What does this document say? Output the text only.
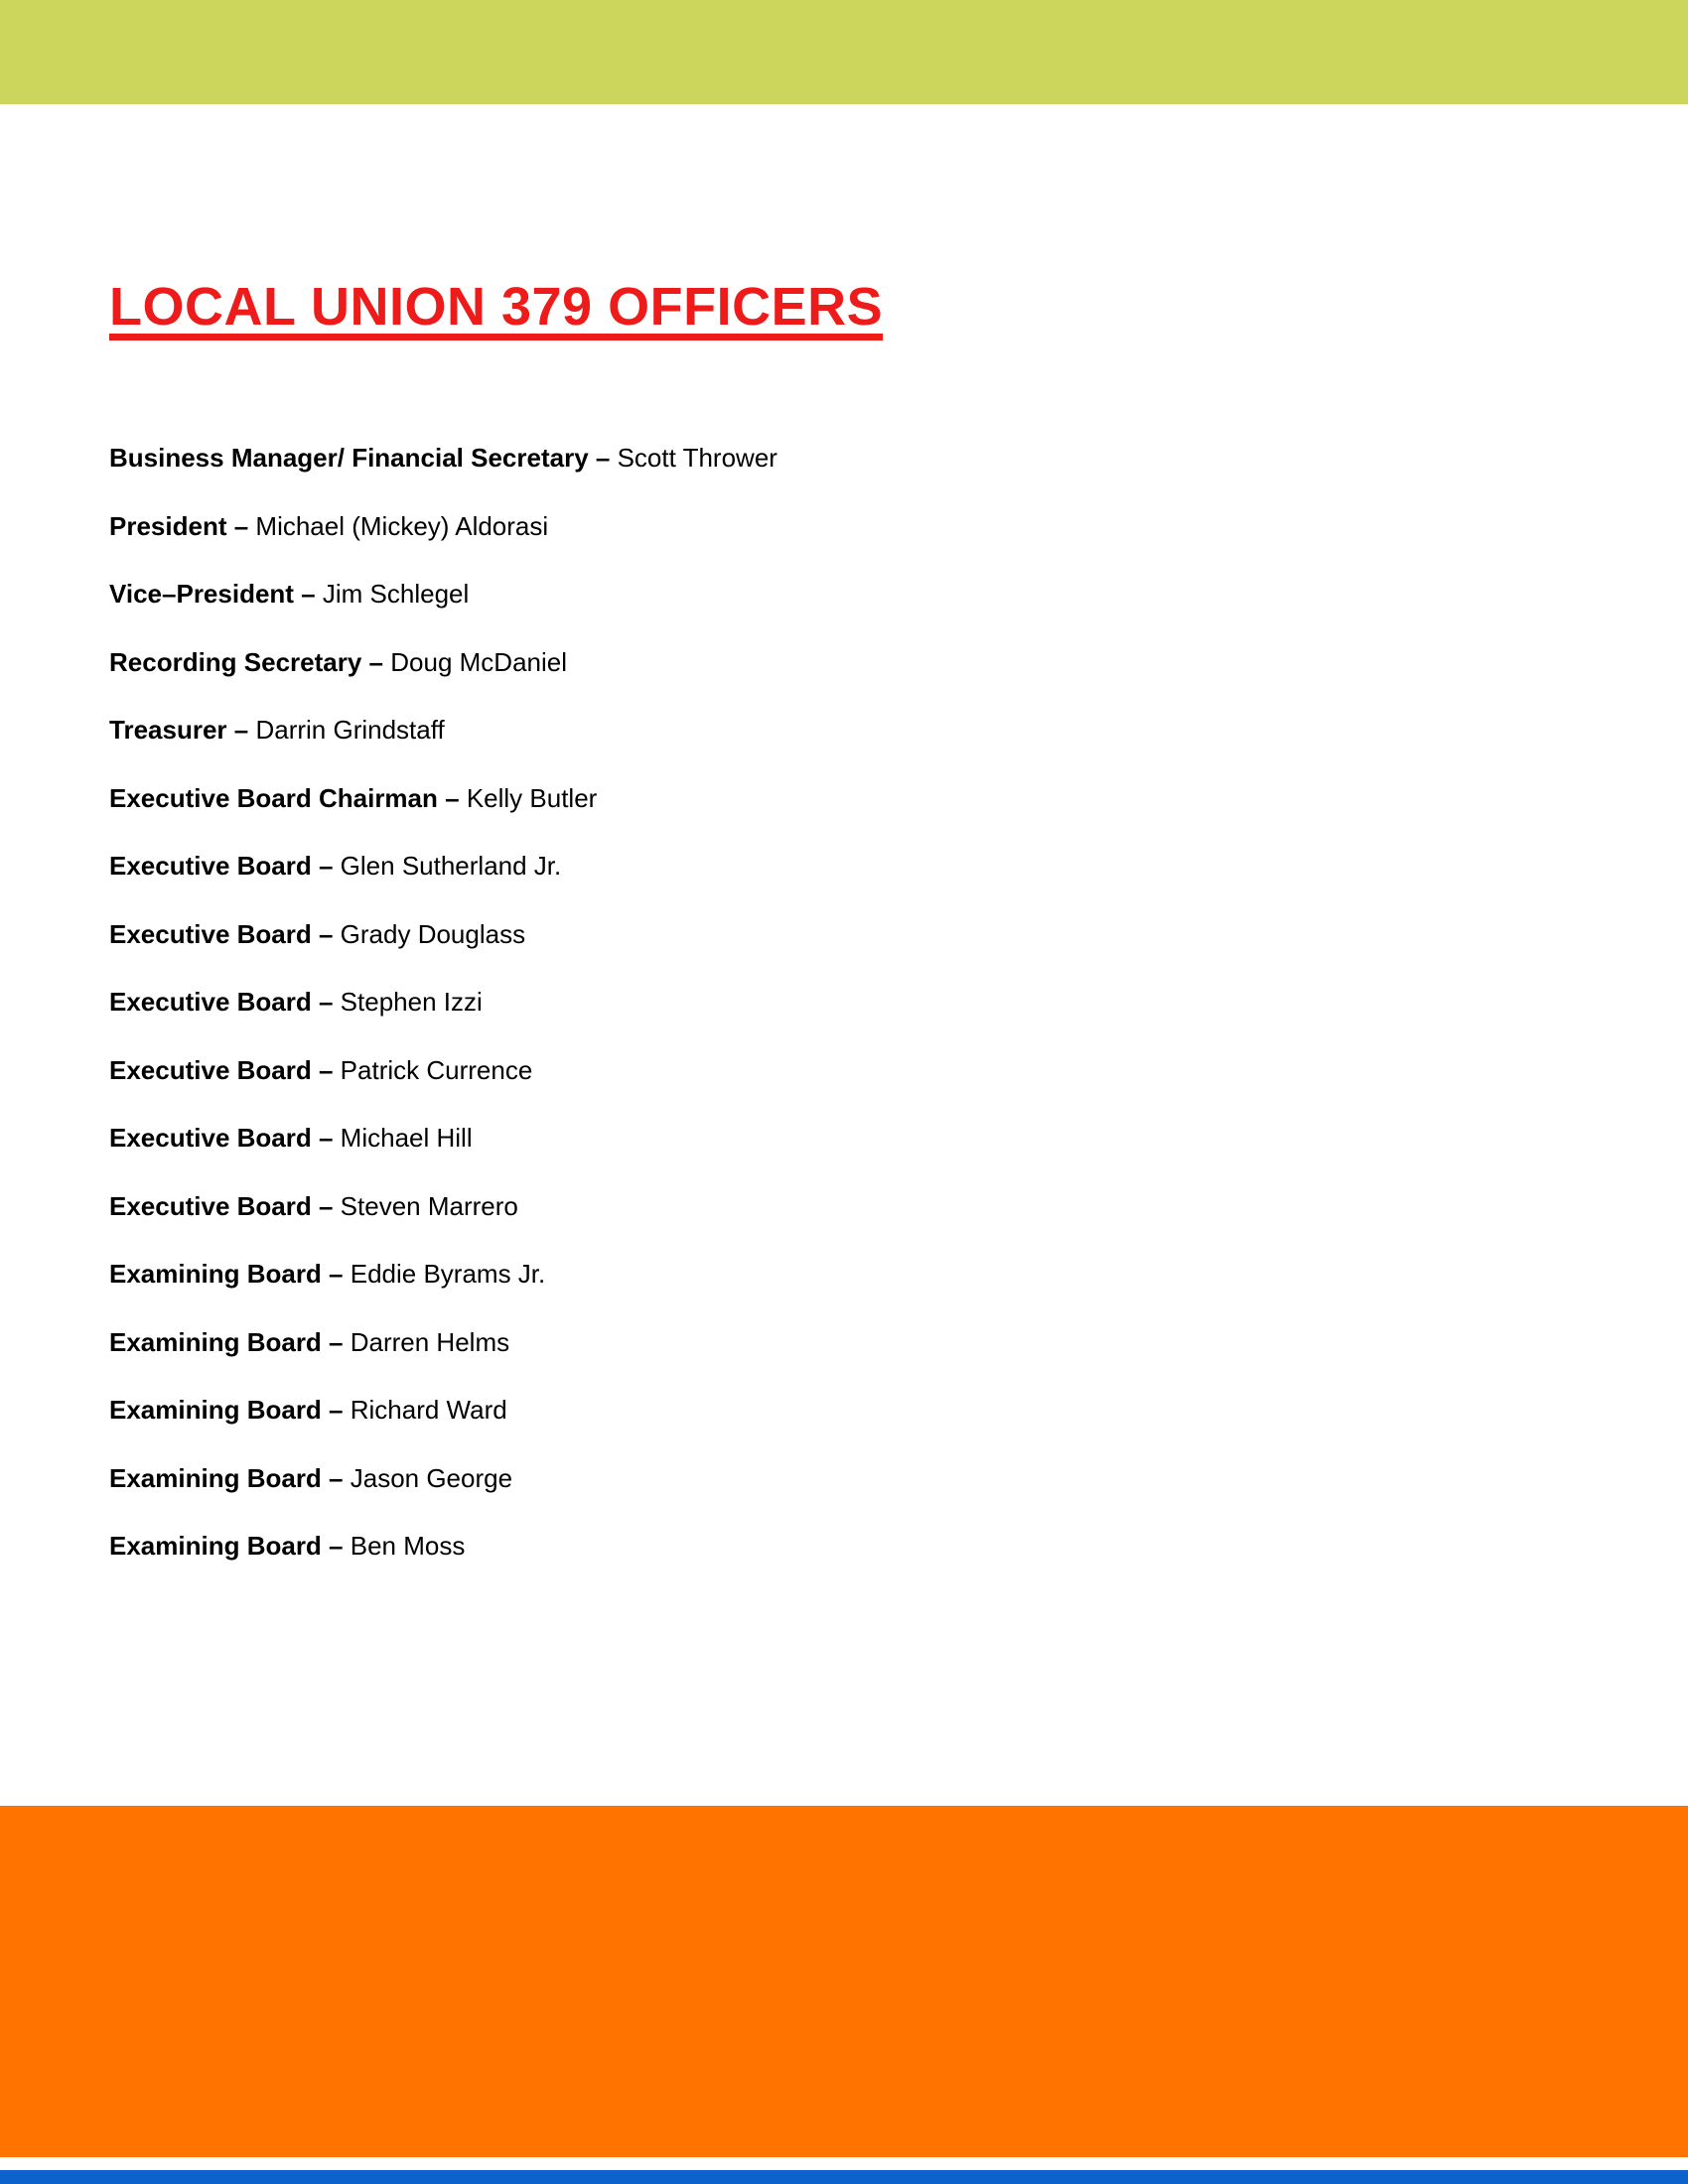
LOCAL UNION 379 OFFICERS
Business Manager/ Financial Secretary – Scott Thrower
President – Michael (Mickey) Aldorasi
Vice–President – Jim Schlegel
Recording Secretary – Doug McDaniel
Treasurer – Darrin Grindstaff
Executive Board Chairman – Kelly Butler
Executive Board – Glen Sutherland Jr.
Executive Board – Grady Douglass
Executive Board – Stephen Izzi
Executive Board – Patrick Currence
Executive Board – Michael Hill
Executive Board – Steven Marrero
Examining Board – Eddie Byrams Jr.
Examining Board – Darren Helms
Examining Board – Richard Ward
Examining Board – Jason George
Examining Board – Ben Moss
